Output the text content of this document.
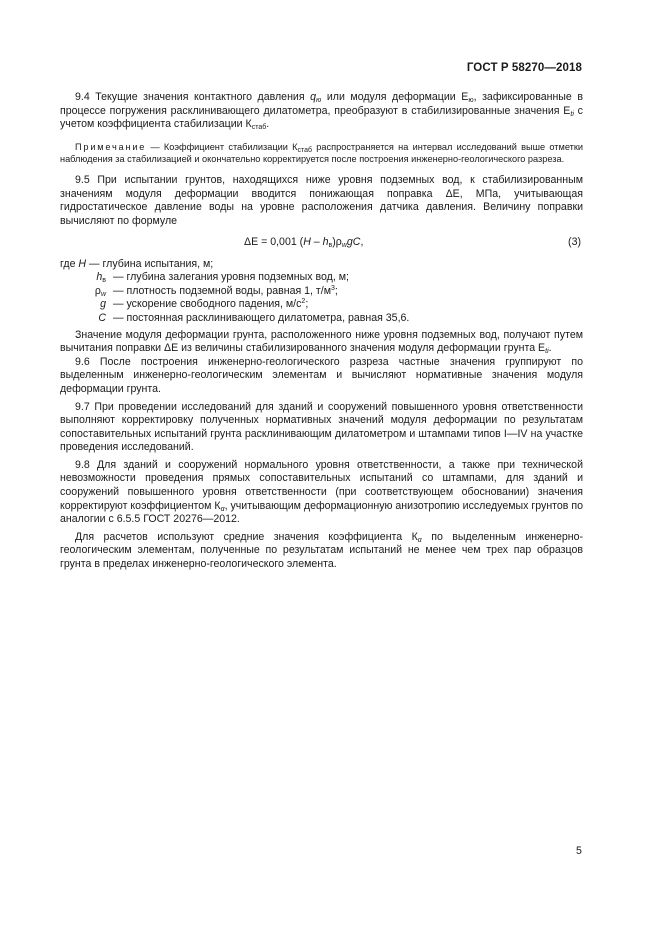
ГОСТ Р 58270—2018

9.4 Текущие значения контактного давления $q_ю$ или модуля деформации $Е_ю$, зафиксированные в процессе погружения расклинивающего дилатометра, преобразуют в стабилизированные значения $Е_{ti}$ с учетом коэффициента стабилизации $К_{стаб}$.

Примечание — Коэффициент стабилизации $К_{стаб}$ распространяется на интервал исследований выше отметки наблюдения за стабилизацией и окончательно корректируется после построения инженерно-геологического разреза.

9.5 При испытании грунтов, находящихся ниже уровня подземных вод, к стабилизированным значениям модуля деформации вводится понижающая поправка ΔЕ, МПа, учитывающая гидростатическое давление воды на уровне расположения датчика давления. Величину поправки вычисляют по формуле

ΔЕ = 0,001 $(H - h_в)\rho_wgC$,	(3)
где H — глубина испытания, м;
$h_в$ — глубина залегания уровня подземных вод, м;
$\rho_w$ — плотность подземной воды, равная 1, $т/м^3$;
g — ускорение свободного падения, $м/с^2$;
C — постоянная расклинивающего дилатометра, равная 35,6.

Значение модуля деформации грунта, расположенного ниже уровня подземных вод, получают путем вычитания поправки ΔЕ из величины стабилизированного значения модуля деформации грунта $Е_{ti}$.

9.6 После построения инженерно-геологического разреза частные значения группируют по выделенным инженерно-геологическим элементам и вычисляют нормативные значения модуля деформации грунта.

9.7 При проведении исследований для зданий и сооружений повышенного уровня ответственности выполняют корректировку полученных нормативных значений модуля деформации по результатам сопоставительных испытаний грунта расклинивающим дилатометром и штампами типов I—IV на участке проведения исследований.

9.8 Для зданий и сооружений нормального уровня ответственности, а также при технической невозможности проведения прямых сопоставительных испытаний со штампами, для зданий и сооружений повышенного уровня ответственности (при соответствующем обосновании) значения корректируют коэффициентом $К_\alpha$, учитывающим деформационную анизотропию исследуемых грунтов по аналогии с 6.5.5 ГОСТ 20276—2012.

Для расчетов используют средние значения коэффициента $К_\alpha$ по выделенным инженерно-геологическим элементам, полученные по результатам испытаний не менее чем трех пар образцов грунта в пределах инженерно-геологического элемента.

5
